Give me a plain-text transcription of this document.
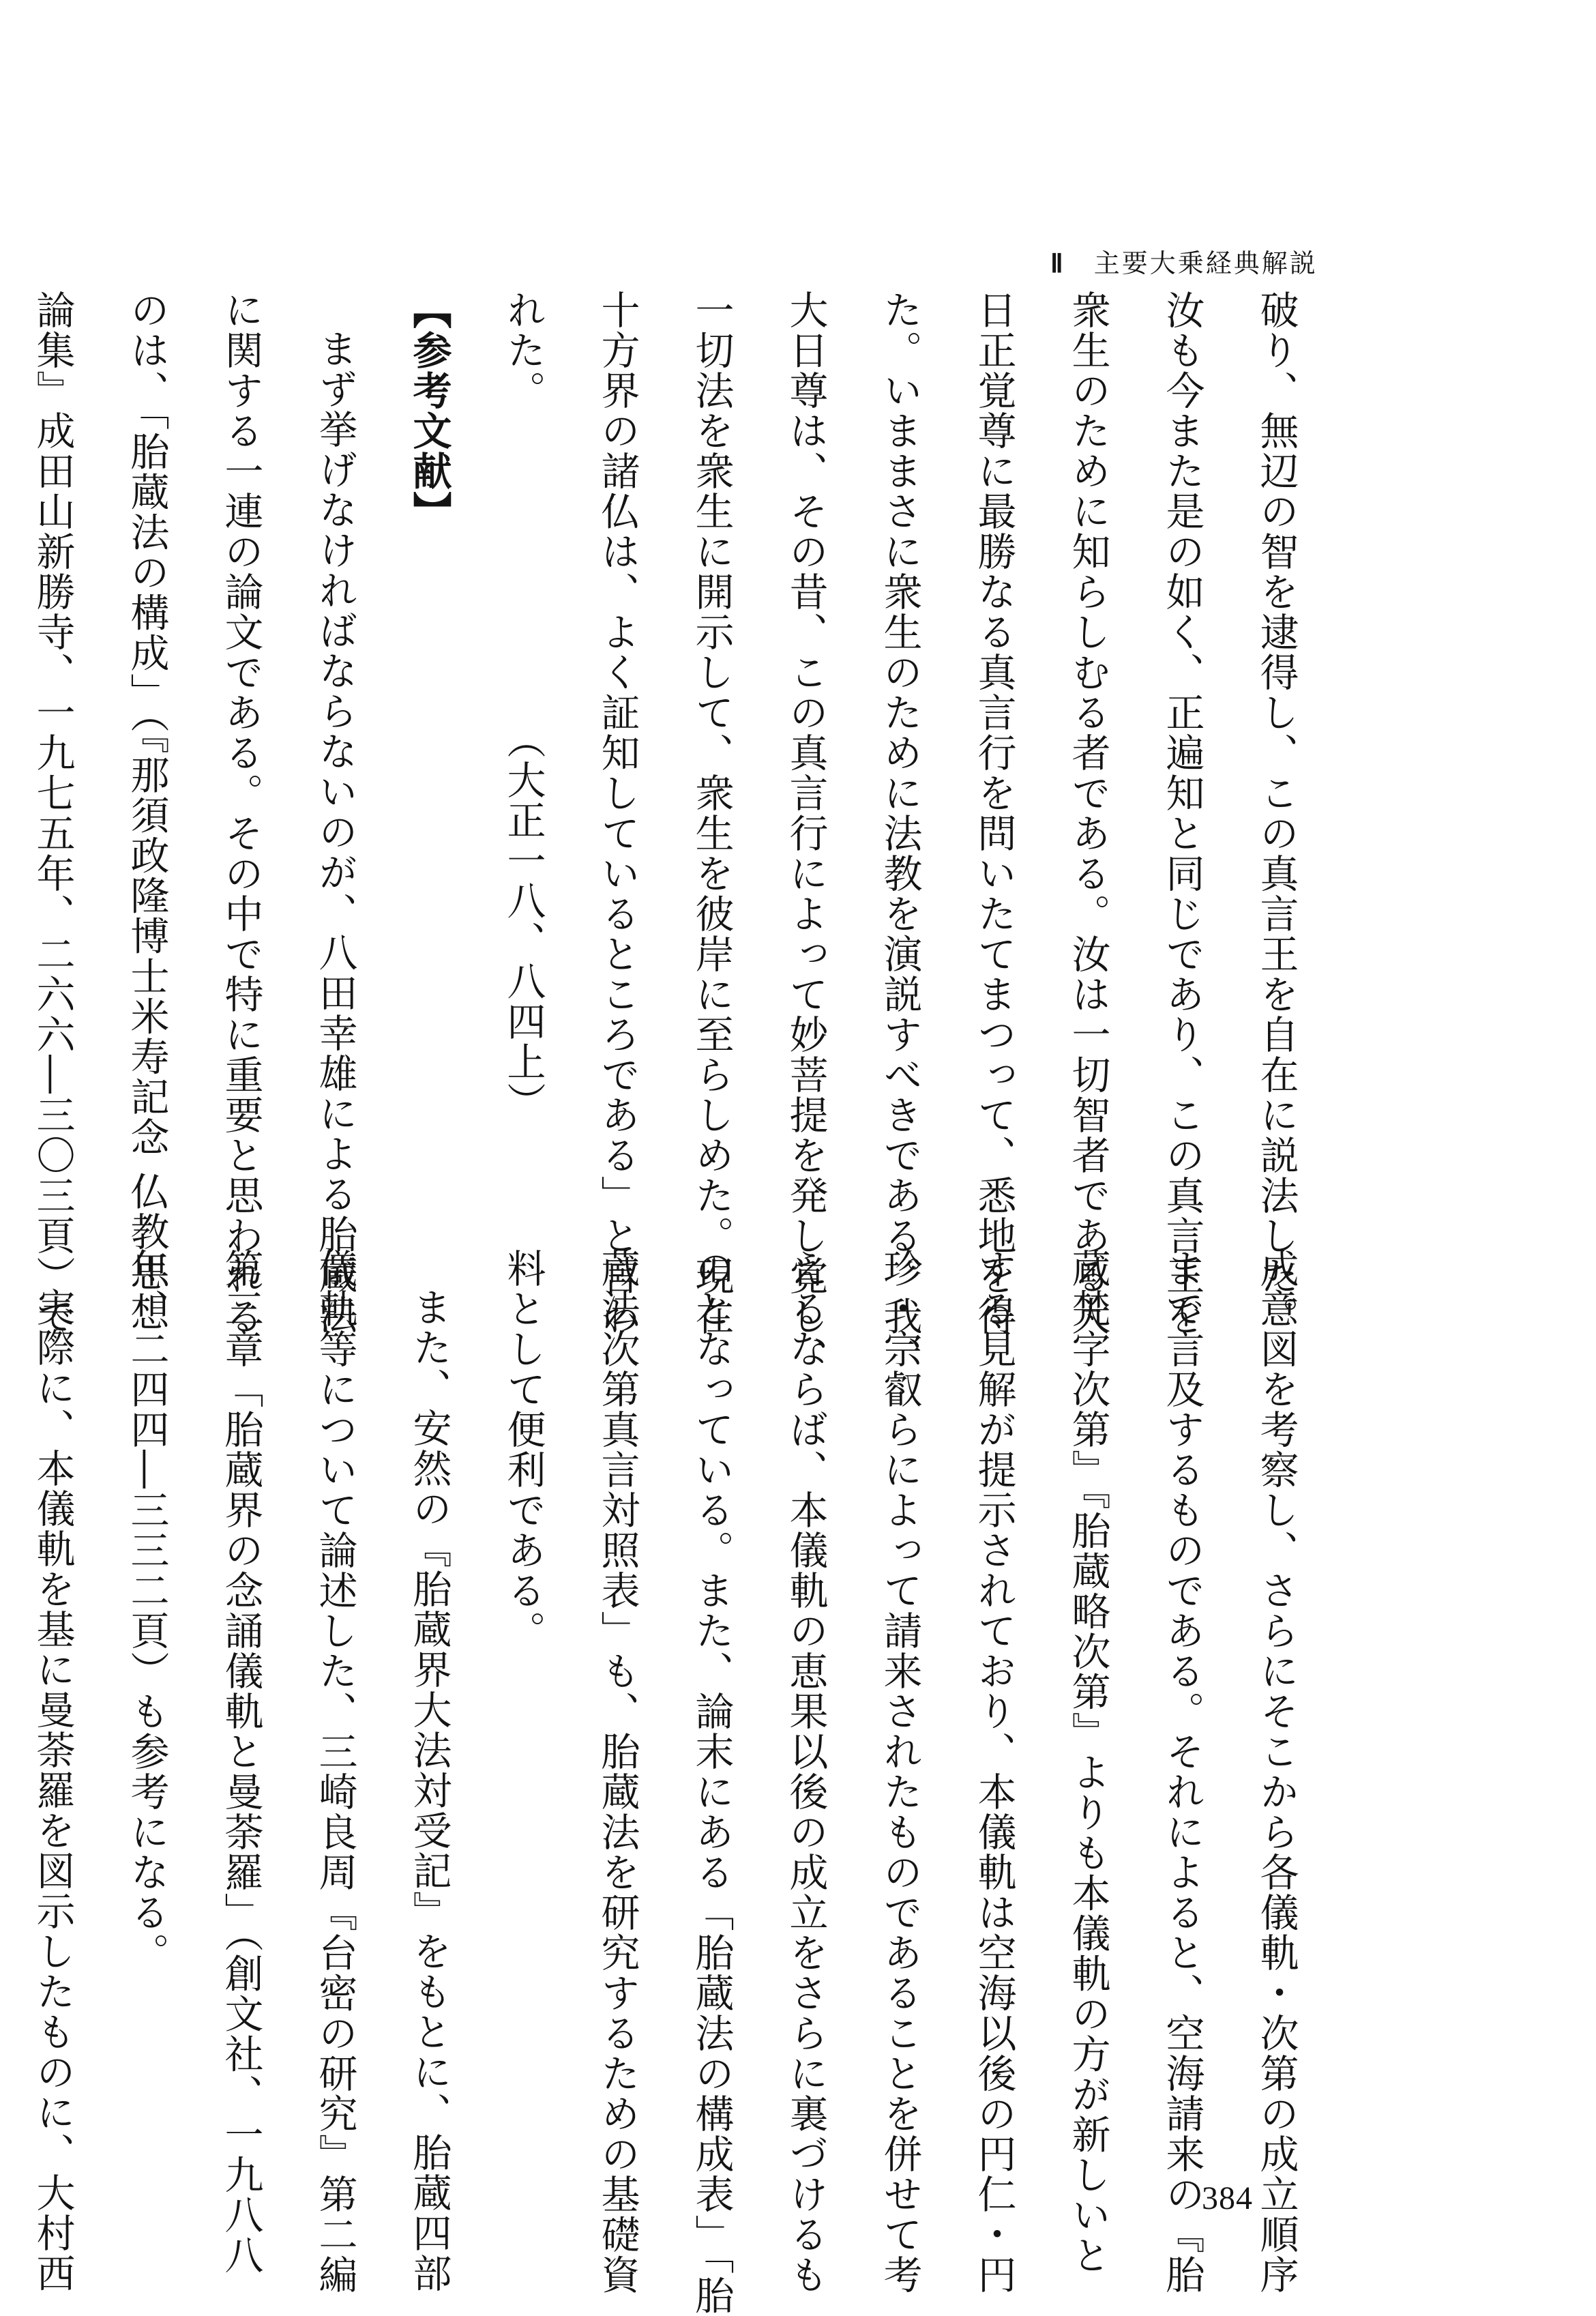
Ⅱ 主要大乗経典解説
破り、無辺の智を逮得し、この真言王を自在に説法した。
汝も今また是の如く、正遍知と同じであり、この真言王を
衆生のために知らしむる者である。汝は一切智者である大
日正覚尊に最勝なる真言行を問いたてまつって、悉地を得
た。いままさに衆生のために法教を演説すべきである。我、
大日尊は、その昔、この真言行によって妙菩提を発し覚し、
一切法を衆生に開示して、衆生を彼岸に至らしめた。現在
十方界の諸仏は、よく証知しているところである」と言わ
れた。
【参考文献】
まず挙げなければならないのが、八田幸雄による胎蔵法
に関する一連の論文である。その中で特に重要と思われる
のは、「胎蔵法の構成」（『那須政隆博士米寿記念 仏教思想
論集』成田山新勝寺、一九七五年、二六六―三〇三頁）で	（大正一八、八四上）
成意図を考察し、さらにそこから各儀軌・次第の成立順序
まで言及するものである。それによると、空海請来の『胎
蔵梵字次第』『胎蔵略次第』よりも本儀軌の方が新しいと
する見解が提示されており、本儀軌は空海以後の円仁・円
珍・宗叡らによって請来されたものであることを併せて考
えるならば、本儀軌の恵果以後の成立をさらに裏づけるも
のとなっている。また、論末にある「胎蔵法の構成表」「胎
蔵法次第真言対照表」も、胎蔵法を研究するための基礎資
料として便利である。
また、安然の『胎蔵界大法対受記』をもとに、胎蔵四部
儀軌等について論述した、三崎良周『台密の研究』第二編
第三章「胎蔵界の念誦儀軌と曼荼羅」（創文社、一九八八
年、二四四―三三二頁）も参考になる。
実際に、本儀軌を基に曼荼羅を図示したものに、大村西	384
